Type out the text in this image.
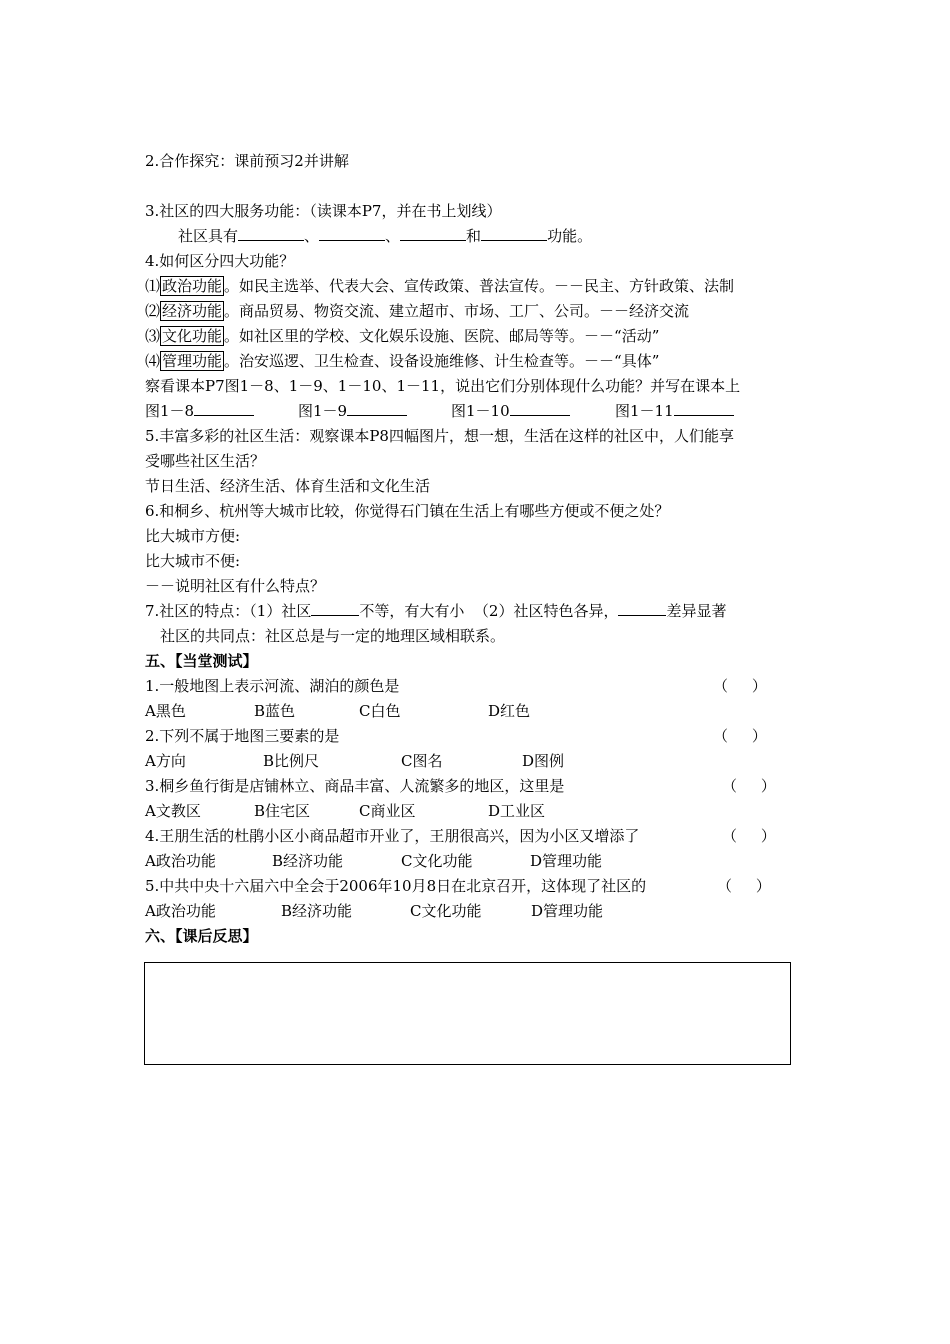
2.合作探究：课前预习2并讲解
3.社区的四大服务功能：（读课本P7，并在书上划线）
社区具有	、	、	和	功能。
4.如何区分四大功能？
⑴ 政治功能 。如民主选举、代表大会、宣传政策、普法宣传。－－民主、方针政策、法制
⑵ 经济功能 。商品贸易、物资交流、建立超市、市场、工厂、公司。－－经济交流
⑶ 文化功能 。如社区里的学校、文化娱乐设施、医院、邮局等等。－－“活动”
⑷ 管理功能 。治安巡逻、卫生检查、设备设施维修、计生检查等。－－“具体”
察看课本P7图1－8、1－9、1－10、1－11，说出它们分别体现什么功能？并写在课本上
图1－8	图1－9	图1－10	图1－11
5.丰富多彩的社区生活：观察课本P8四幅图片，想一想，生活在这样的社区中，人们能享
受哪些社区生活？
节日生活、经济生活、体育生活和文化生活
6.和桐乡、杭州等大城市比较，你觉得石门镇在生活上有哪些方便或不便之处？
比大城市方便:
比大城市不便:
－－说明社区有什么特点？
7.社区的特点：（1）社区	不等，有大有小  （2）社区特色各异，	差异显著
社区的共同点：社区总是与一定的地理区域相联系。
五、【当堂测试】
1.一般地图上表示河流、湖泊的颜色是	（     ）
A黑色	B蓝色	C白色	D红色
2.下列不属于地图三要素的是	（     ）
A方向	B比例尺	C图名	D图例
3.桐乡鱼行街是店铺林立、商品丰富、人流繁多的地区，这里是	（     ）
A文教区	B住宅区	C商业区	D工业区
4.王朋生活的杜鹃小区小商品超市开业了，王朋很高兴，因为小区又增添了	（     ）
A政治功能	B经济功能	C文化功能	D管理功能
5.中共中央十六届六中全会于2006年10月8日在北京召开，这体现了社区的	（     ）
A政治功能	B经济功能	C文化功能	D管理功能
六、【课后反思】
